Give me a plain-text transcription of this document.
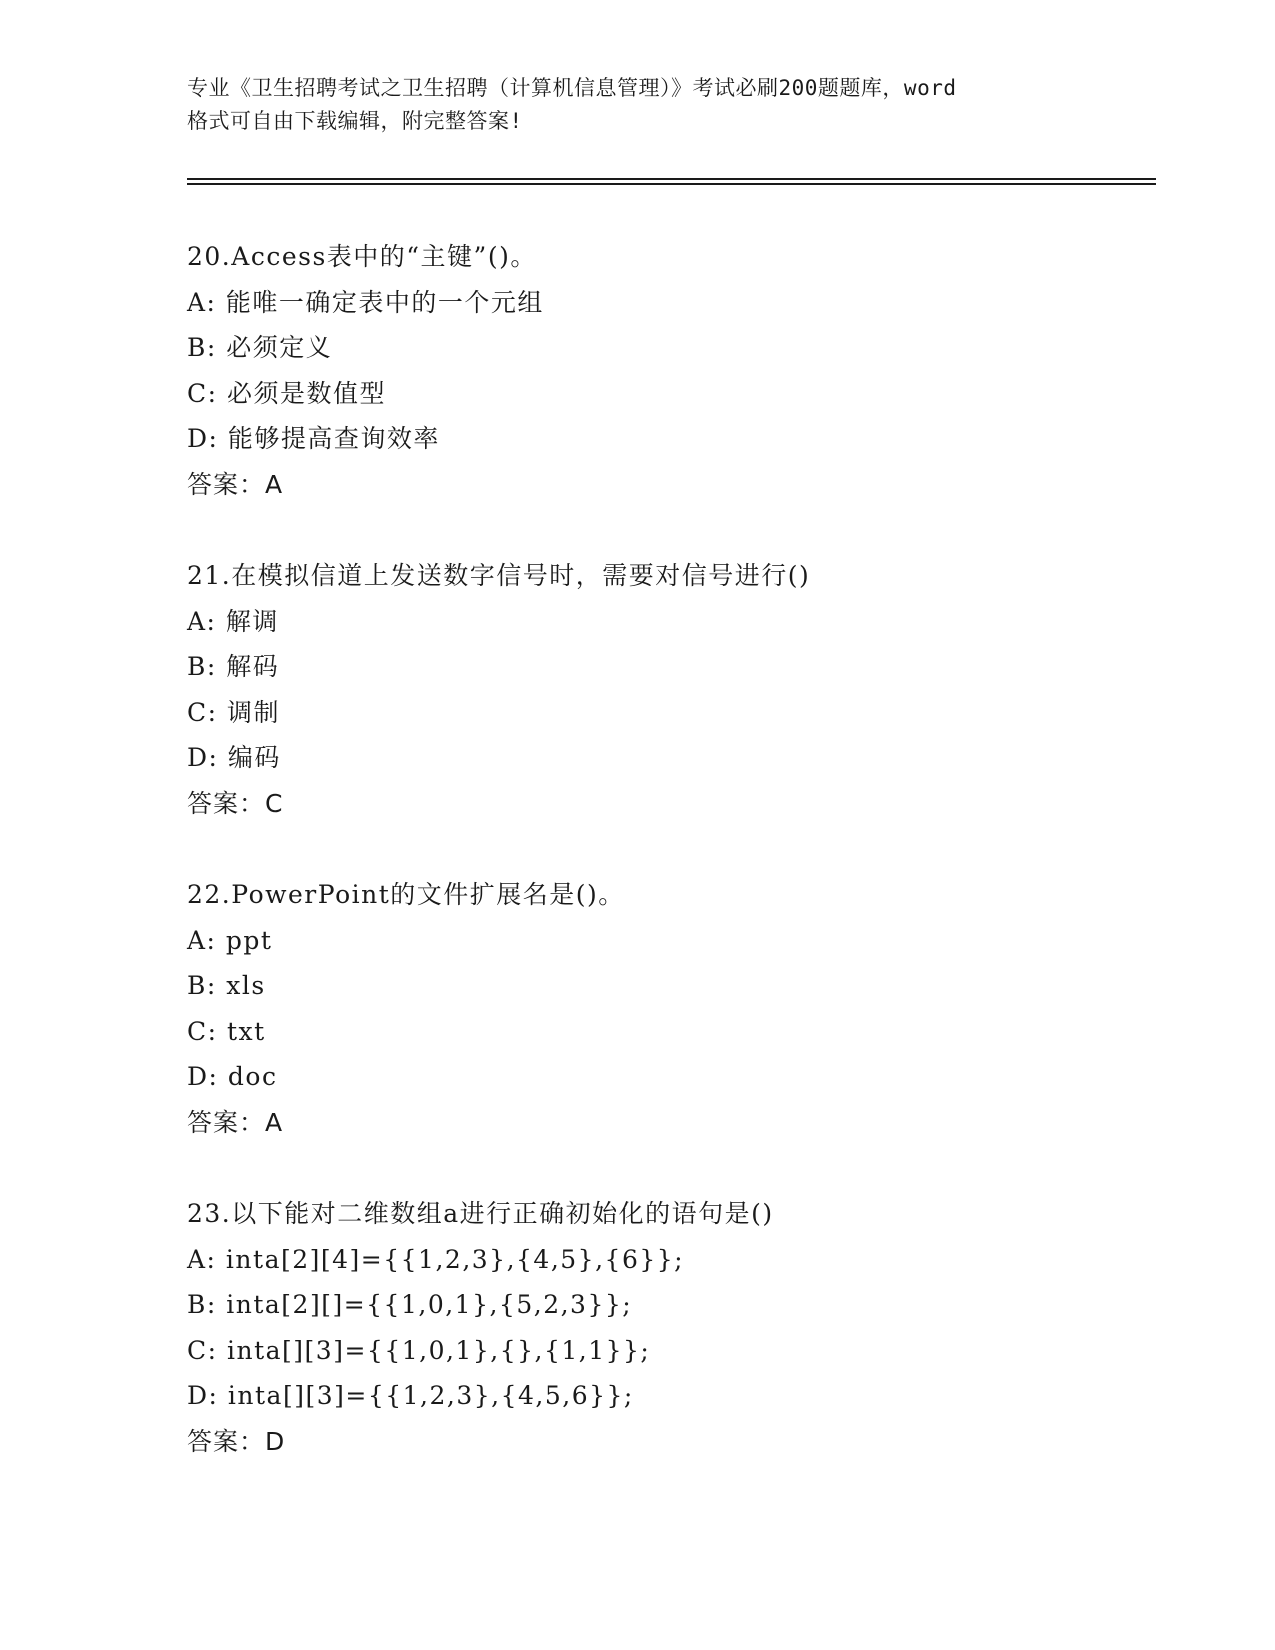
专业《卫生招聘考试之卫生招聘（计算机信息管理）》考试必刷200题题库，word
格式可自由下载编辑，附完整答案!
20.Access表中的“主键”()。
A: 能唯一确定表中的一个元组
B: 必须定义
C: 必须是数值型
D: 能够提高查询效率
答案：A
21.在模拟信道上发送数字信号时，需要对信号进行()
A: 解调
B: 解码
C: 调制
D: 编码
答案：C
22.PowerPoint的文件扩展名是()。
A: ppt
B: xls
C: txt
D: doc
答案：A
23.以下能对二维数组a进行正确初始化的语句是()
A: inta[2][4]={{1,2,3},{4,5},{6}};
B: inta[2][]={{1,0,1},{5,2,3}};
C: inta[][3]={{1,0,1},{},{1,1}};
D: inta[][3]={{1,2,3},{4,5,6}};
答案：D
